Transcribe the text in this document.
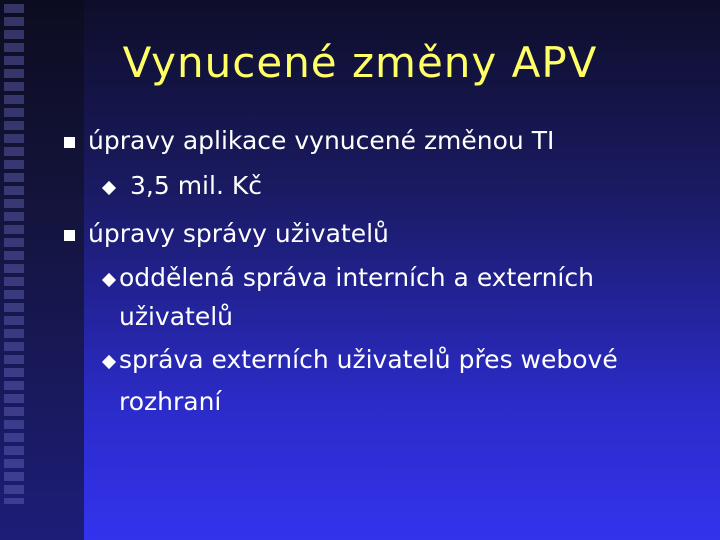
Vynucené změny APV
úpravy aplikace vynucené změnou TI
3,5 mil. Kč
úpravy správy uživatelů
oddělená správa interních a externích
uživatelů
správa externích uživatelů přes webové
rozhraní
